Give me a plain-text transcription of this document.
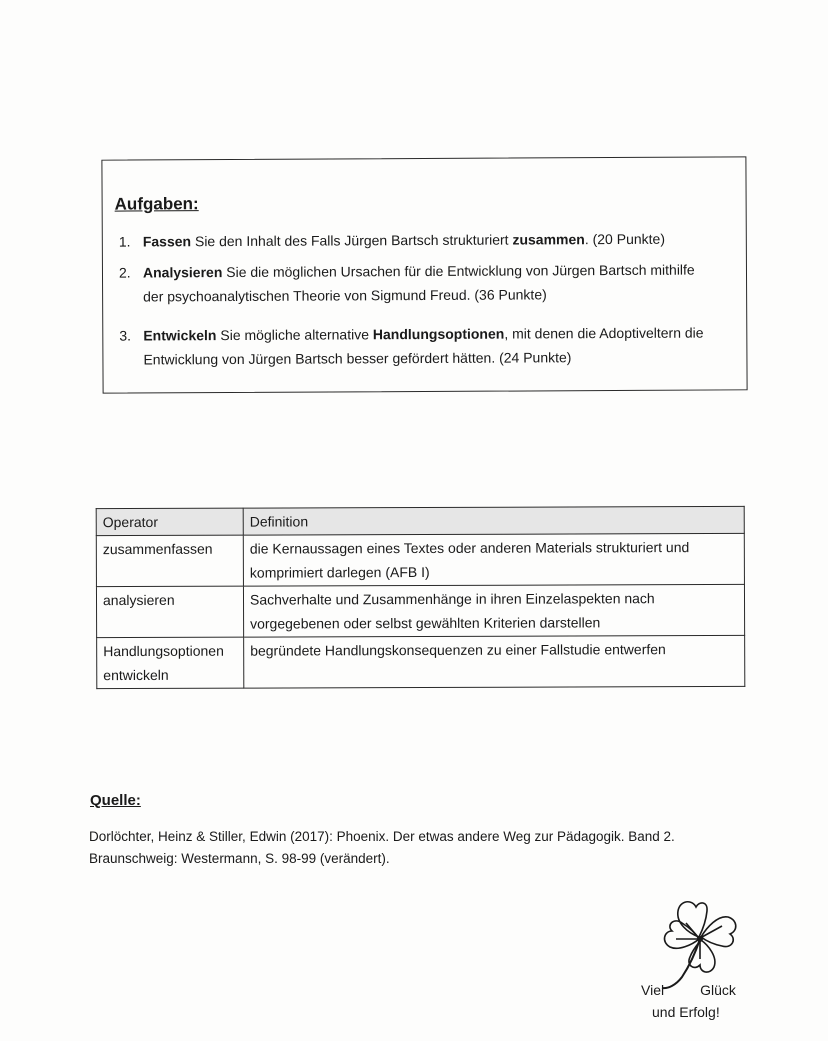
Aufgaben:
1. Fassen Sie den Inhalt des Falls Jürgen Bartsch strukturiert zusammen. (20 Punkte)
2. Analysieren Sie die möglichen Ursachen für die Entwicklung von Jürgen Bartsch mithilfe
der psychoanalytischen Theorie von Sigmund Freud. (36 Punkte)
3. Entwickeln Sie mögliche alternative Handlungsoptionen, mit denen die Adoptiveltern die
Entwicklung von Jürgen Bartsch besser gefördert hätten. (24 Punkte)
Operator	Definition
zusammenfassen	die Kernaussagen eines Textes oder anderen Materials strukturiert und komprimiert darlegen (AFB I)
analysieren	Sachverhalte und Zusammenhänge in ihren Einzelaspekten nach vorgegebenen oder selbst gewählten Kriterien darstellen
Handlungsoptionen entwickeln	begründete Handlungskonsequenzen zu einer Fallstudie entwerfen
Quelle:
Dorlöchter, Heinz & Stiller, Edwin (2017): Phoenix. Der etwas andere Weg zur Pädagogik. Band 2. Braunschweig: Westermann, S. 98-99 (verändert).
Viel	Glück
und Erfolg!
